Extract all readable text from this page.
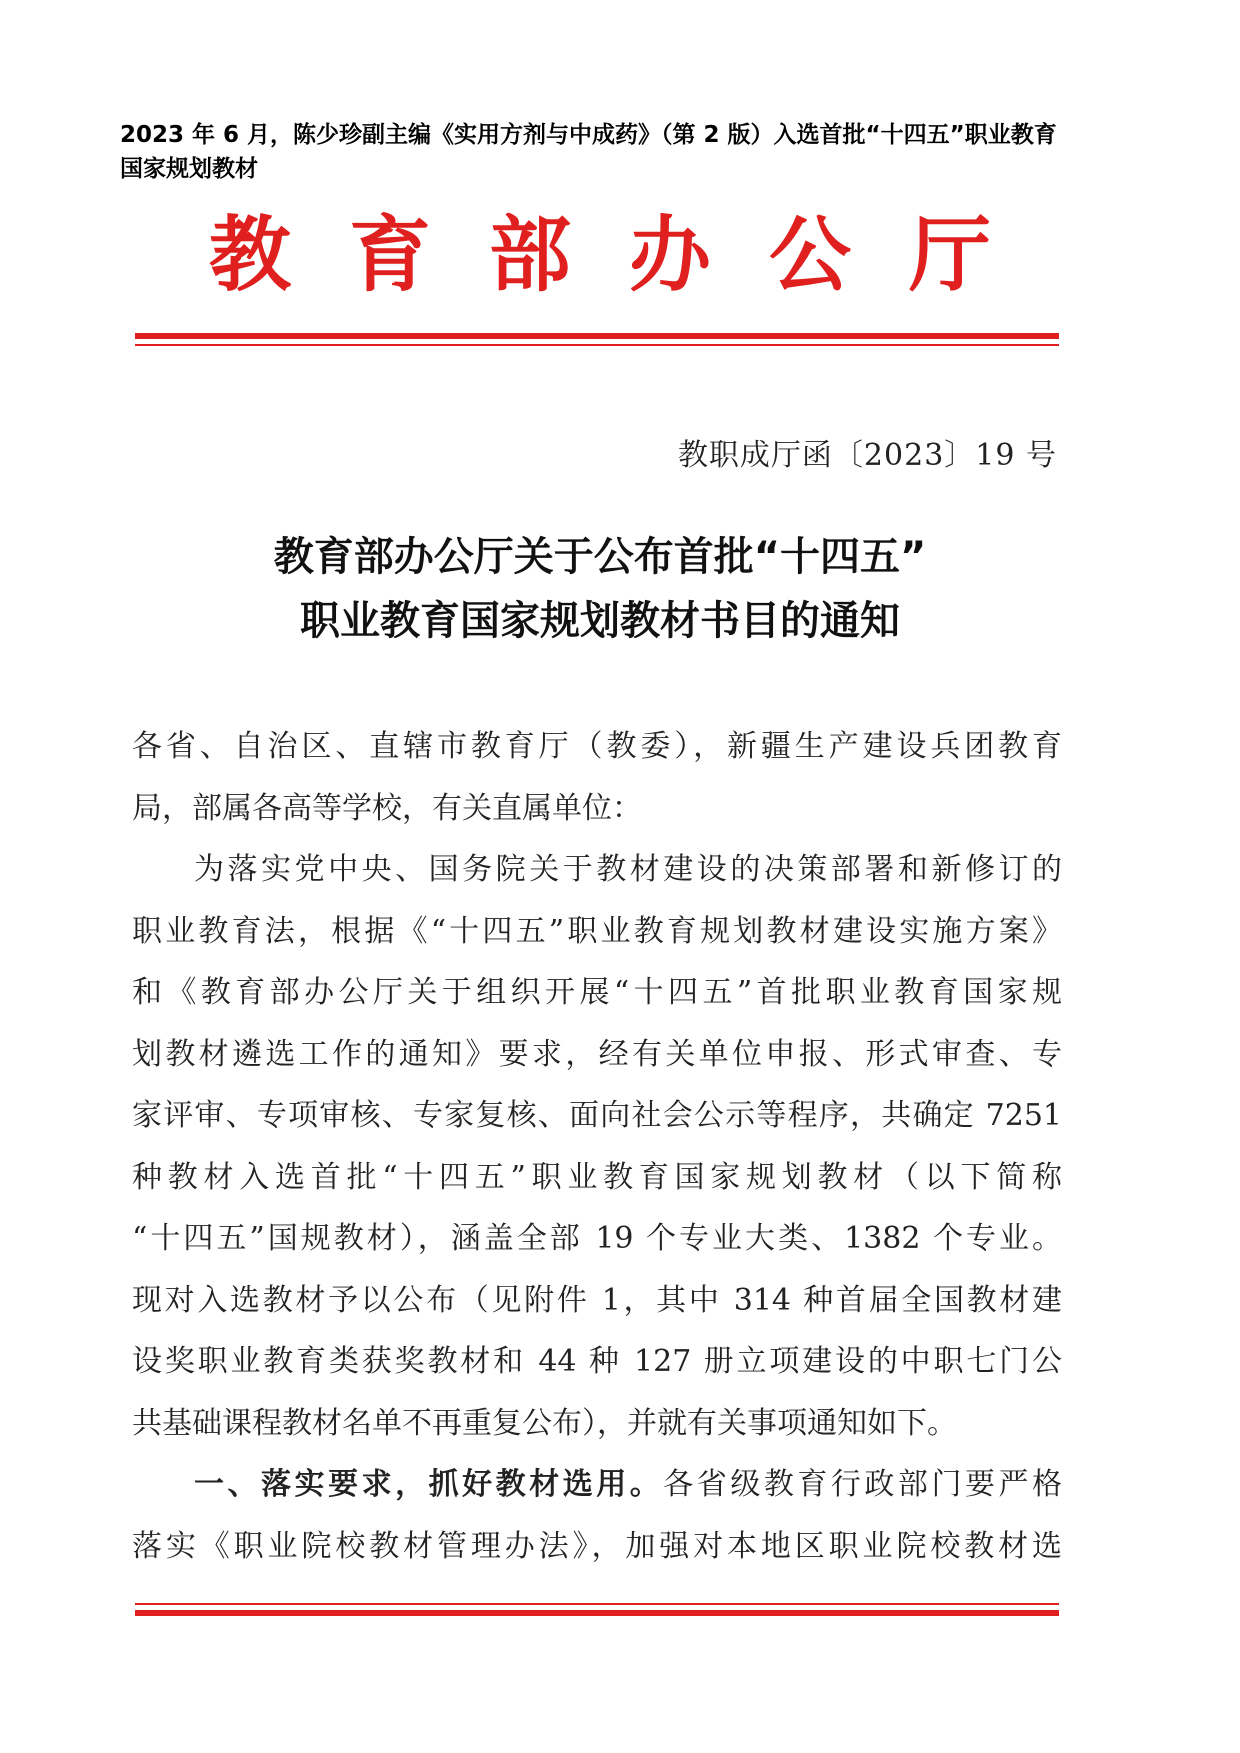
2023 年 6 月，陈少珍副主编《实用方剂与中成药》（第 2 版）入选首批“十四五”职业教育
国家规划教材
教 育 部 办 公 厅
教职成厅函〔2023〕19 号
教育部办公厅关于公布首批“十四五”
职业教育国家规划教材书目的通知
各省、自治区、直辖市教育厅（教委），新疆生产建设兵团教育
局，部属各高等学校，有关直属单位：
为落实党中央、国务院关于教材建设的决策部署和新修订的
职业教育法，根据《“十四五”职业教育规划教材建设实施方案》
和《教育部办公厅关于组织开展“十四五”首批职业教育国家规
划教材遴选工作的通知》要求，经有关单位申报、形式审查、专
家评审、专项审核、专家复核、面向社会公示等程序，共确定 7251
种教材入选首批“十四五”职业教育国家规划教材（以下简称
“十四五”国规教材），涵盖全部 19 个专业大类、1382 个专业。
现对入选教材予以公布（见附件 1，其中 314 种首届全国教材建
设奖职业教育类获奖教材和 44 种 127 册立项建设的中职七门公
共基础课程教材名单不再重复公布），并就有关事项通知如下。
一、落实要求，抓好教材选用。各省级教育行政部门要严格
落实《职业院校教材管理办法》，加强对本地区职业院校教材选
